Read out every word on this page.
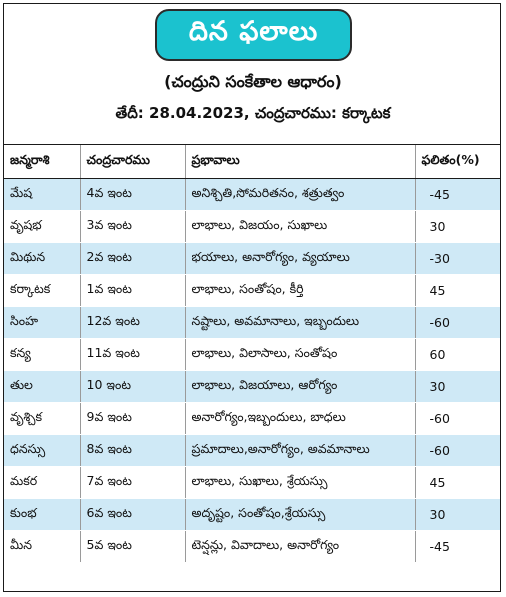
దిన ఫలాలు
(చంద్రుని సంకేతాల ఆధారం)
తేదీ: 28.04.2023, చంద్రచారము: కర్కాటక
జన్మరాశి	చంద్రచారము	ప్రభావాలు	ఫలితం(%)
మేష	4వ ఇంట	అనిశ్చితి,సోమరితనం, శత్రుత్వం	-45
వృషభ	3వ ఇంట	లాభాలు, విజయం, సుఖాలు	30
మిథున	2వ ఇంట	భయాలు, అనారోగ్యం, వ్యయాలు	-30
కర్కాటక	1వ ఇంట	లాభాలు, సంతోషం, కీర్తి	45
సింహ	12వ ఇంట	నష్టాలు, అవమానాలు, ఇబ్బందులు	-60
కన్య	11వ ఇంట	లాభాలు, విలాసాలు, సంతోషం	60
తుల	10 ఇంట	లాభాలు, విజయాలు, ఆరోగ్యం	30
వృశ్చిక	9వ ఇంట	అనారోగ్యం,ఇబ్బందులు, బాధలు	-60
ధనస్సు	8వ ఇంట	ప్రమాదాలు,అనారోగ్యం, అవమానాలు	-60
మకర	7వ ఇంట	లాభాలు, సుఖాలు, శ్రేయస్సు	45
కుంభ	6వ ఇంట	అదృష్టం, సంతోషం,శ్రేయస్సు	30
మీన	5వ ఇంట	టెన్షన్లు, వివాదాలు, అనారోగ్యం	-45
